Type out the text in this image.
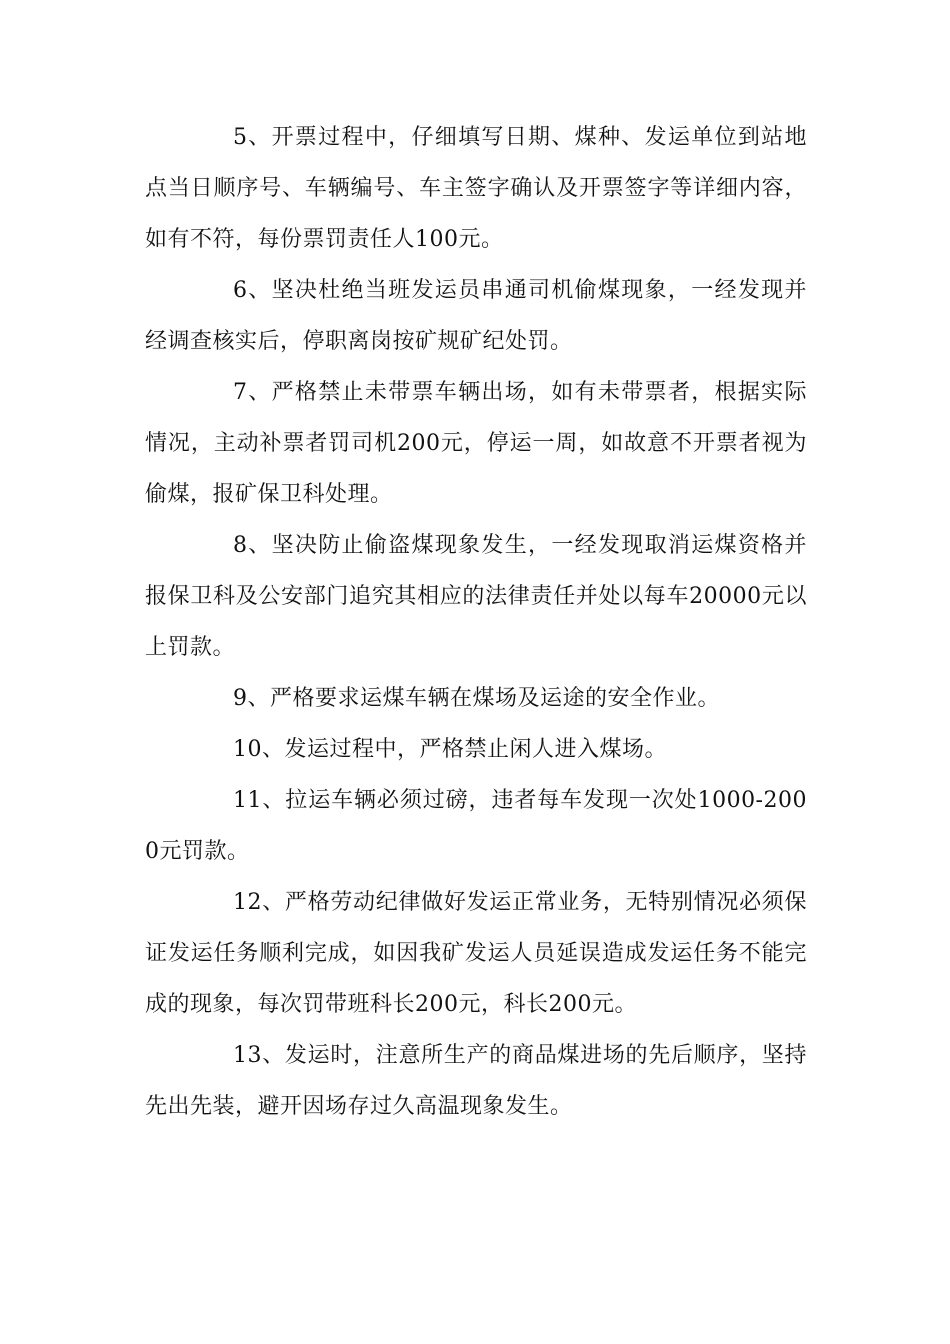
5、开票过程中，仔细填写日期、煤种、发运单位到站地点当日顺序号、车辆编号、车主签字确认及开票签字等详细内容，如有不符，每份票罚责任人100元。

6、坚决杜绝当班发运员串通司机偷煤现象，一经发现并经调查核实后，停职离岗按矿规矿纪处罚。

7、严格禁止未带票车辆出场，如有未带票者，根据实际情况，主动补票者罚司机200元，停运一周，如故意不开票者视为偷煤，报矿保卫科处理。

8、坚决防止偷盗煤现象发生，一经发现取消运煤资格并报保卫科及公安部门追究其相应的法律责任并处以每车20000元以上罚款。

9、严格要求运煤车辆在煤场及运途的安全作业。

10、发运过程中，严格禁止闲人进入煤场。

11、拉运车辆必须过磅，违者每车发现一次处1000-2000元罚款。

12、严格劳动纪律做好发运正常业务，无特别情况必须保证发运任务顺利完成，如因我矿发运人员延误造成发运任务不能完成的现象，每次罚带班科长200元，科长200元。

13、发运时，注意所生产的商品煤进场的先后顺序，坚持先出先装，避开因场存过久高温现象发生。
